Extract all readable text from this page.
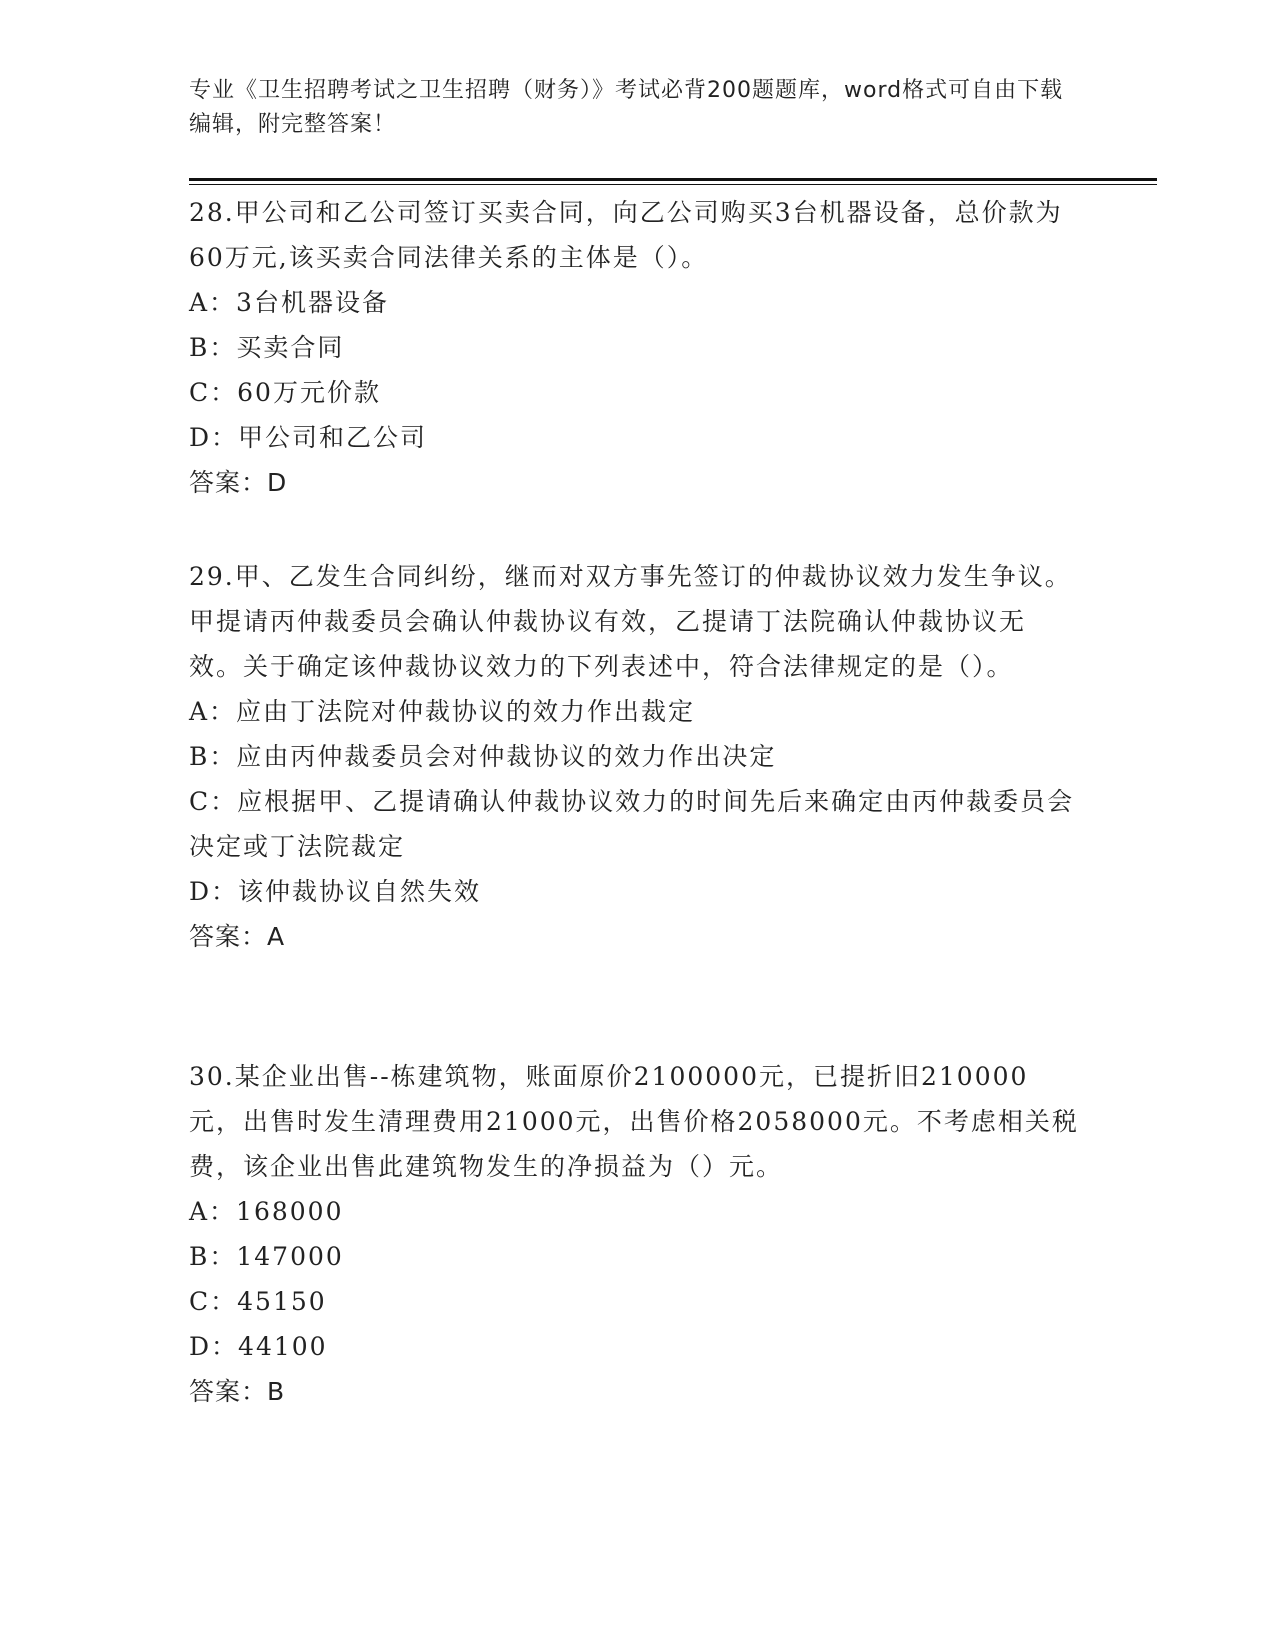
专业《卫生招聘考试之卫生招聘（财务）》考试必背200题题库，word格式可自由下载编辑，附完整答案！

28.甲公司和乙公司签订买卖合同，向乙公司购买3台机器设备，总价款为60万元,该买卖合同法律关系的主体是（）。

A：3台机器设备

B：买卖合同

C：60万元价款

D：甲公司和乙公司

答案：D

29.甲、乙发生合同纠纷，继而对双方事先签订的仲裁协议效力发生争议。甲提请丙仲裁委员会确认仲裁协议有效，乙提请丁法院确认仲裁协议无效。关于确定该仲裁协议效力的下列表述中，符合法律规定的是（）。

A：应由丁法院对仲裁协议的效力作出裁定

B：应由丙仲裁委员会对仲裁协议的效力作出决定

C：应根据甲、乙提请确认仲裁协议效力的时间先后来确定由丙仲裁委员会决定或丁法院裁定

D：该仲裁协议自然失效

答案：A

30.某企业出售--栋建筑物，账面原价2100000元，已提折旧210000元，出售时发生清理费用21000元，出售价格2058000元。不考虑相关税费，该企业出售此建筑物发生的净损益为（）元。

A：168000

B：147000

C：45150

D：44100

答案：B
